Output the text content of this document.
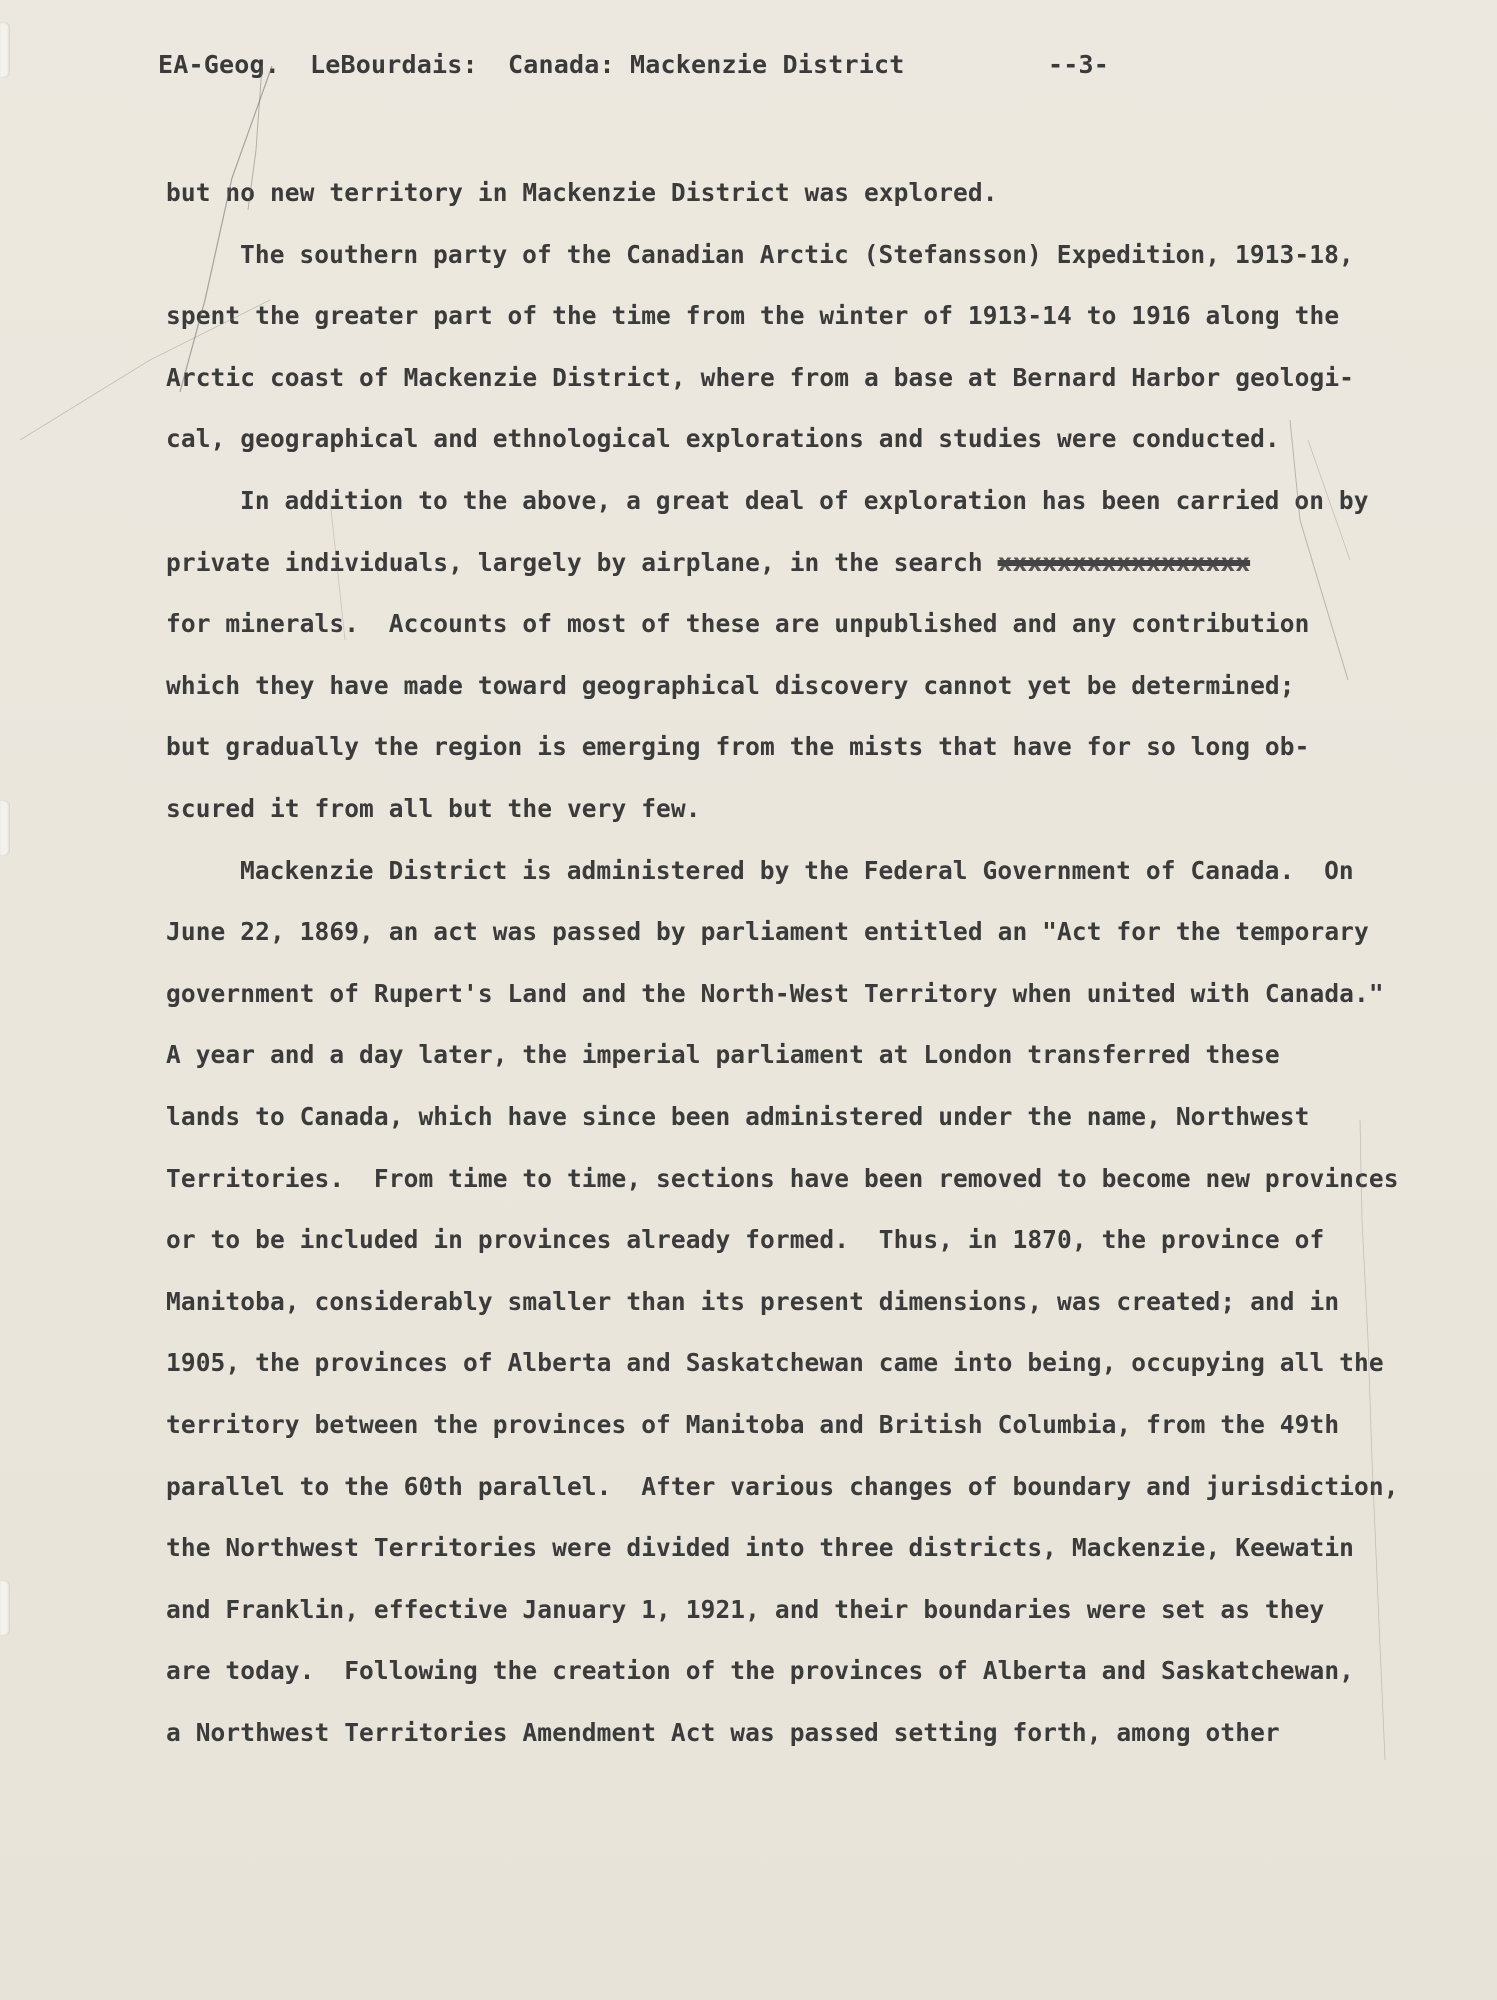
EA-Geog.

LeBourdais:

Canada: Mackenzie District

	--3-

but no new territory in Mackenzie District was explored.
The southern party of the Canadian Arctic (Stefansson) Expedition, 1913-18,
spent the greater part of the time from the winter of 1913-14 to 1916 along the
Arctic coast of Mackenzie District, where from a base at Bernard Harbor geologi-
cal, geographical and ethnological explorations and studies were conducted.
In addition to the above, a great deal of exploration has been carried on by
private individuals, largely by airplane, in the search xxxxxxxxxxxxxxxxx
for minerals.  Accounts of most of these are unpublished and any contribution
which they have made toward geographical discovery cannot yet be determined;
but gradually the region is emerging from the mists that have for so long ob-
scured it from all but the very few.
Mackenzie District is administered by the Federal Government of Canada.  On
June 22, 1869, an act was passed by parliament entitled an "Act for the temporary
government of Rupert's Land and the North-West Territory when united with Canada."
A year and a day later, the imperial parliament at London transferred these
lands to Canada, which have since been administered under the name, Northwest
Territories.  From time to time, sections have been removed to become new provinces
or to be included in provinces already formed.  Thus, in 1870, the province of
Manitoba, considerably smaller than its present dimensions, was created; and in
1905, the provinces of Alberta and Saskatchewan came into being, occupying all the
territory between the provinces of Manitoba and British Columbia, from the 49th
parallel to the 60th parallel.  After various changes of boundary and jurisdiction,
the Northwest Territories were divided into three districts, Mackenzie, Keewatin
and Franklin, effective January 1, 1921, and their boundaries were set as they
are today.  Following the creation of the provinces of Alberta and Saskatchewan,
a Northwest Territories Amendment Act was passed setting forth, among other
